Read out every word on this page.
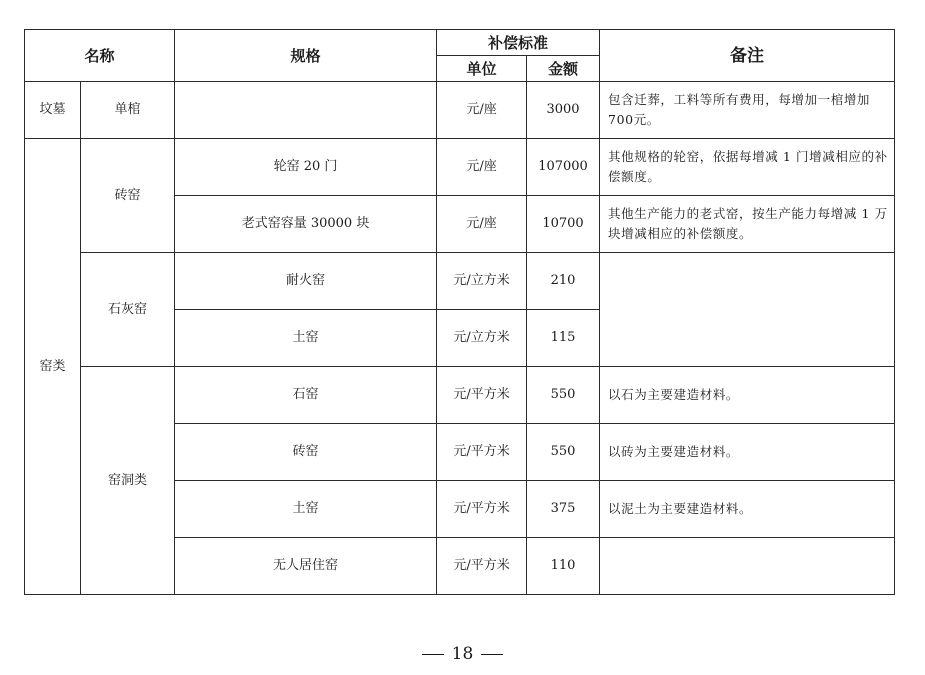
名称		规格	补偿标准		备注
			单位	金额	
坟墓	单棺		元/座	3000	包含迁葬，工料等所有费用，每增加一棺增加700元。
窑类	砖窑	轮窑 20 门	元/座	107000	其他规格的轮窑，依据每增减 1 门增减相应的补偿额度。
		老式窑容量 30000 块	元/座	10700	其他生产能力的老式窑，按生产能力每增减 1 万块增减相应的补偿额度。
	石灰窑	耐火窑	元/立方米	210	
		土窑	元/立方米	115	
	窑洞类	石窑	元/平方米	550	以石为主要建造材料。
		砖窑	元/平方米	550	以砖为主要建造材料。
		土窑	元/平方米	375	以泥土为主要建造材料。
		无人居住窑	元/平方米	110	
18
